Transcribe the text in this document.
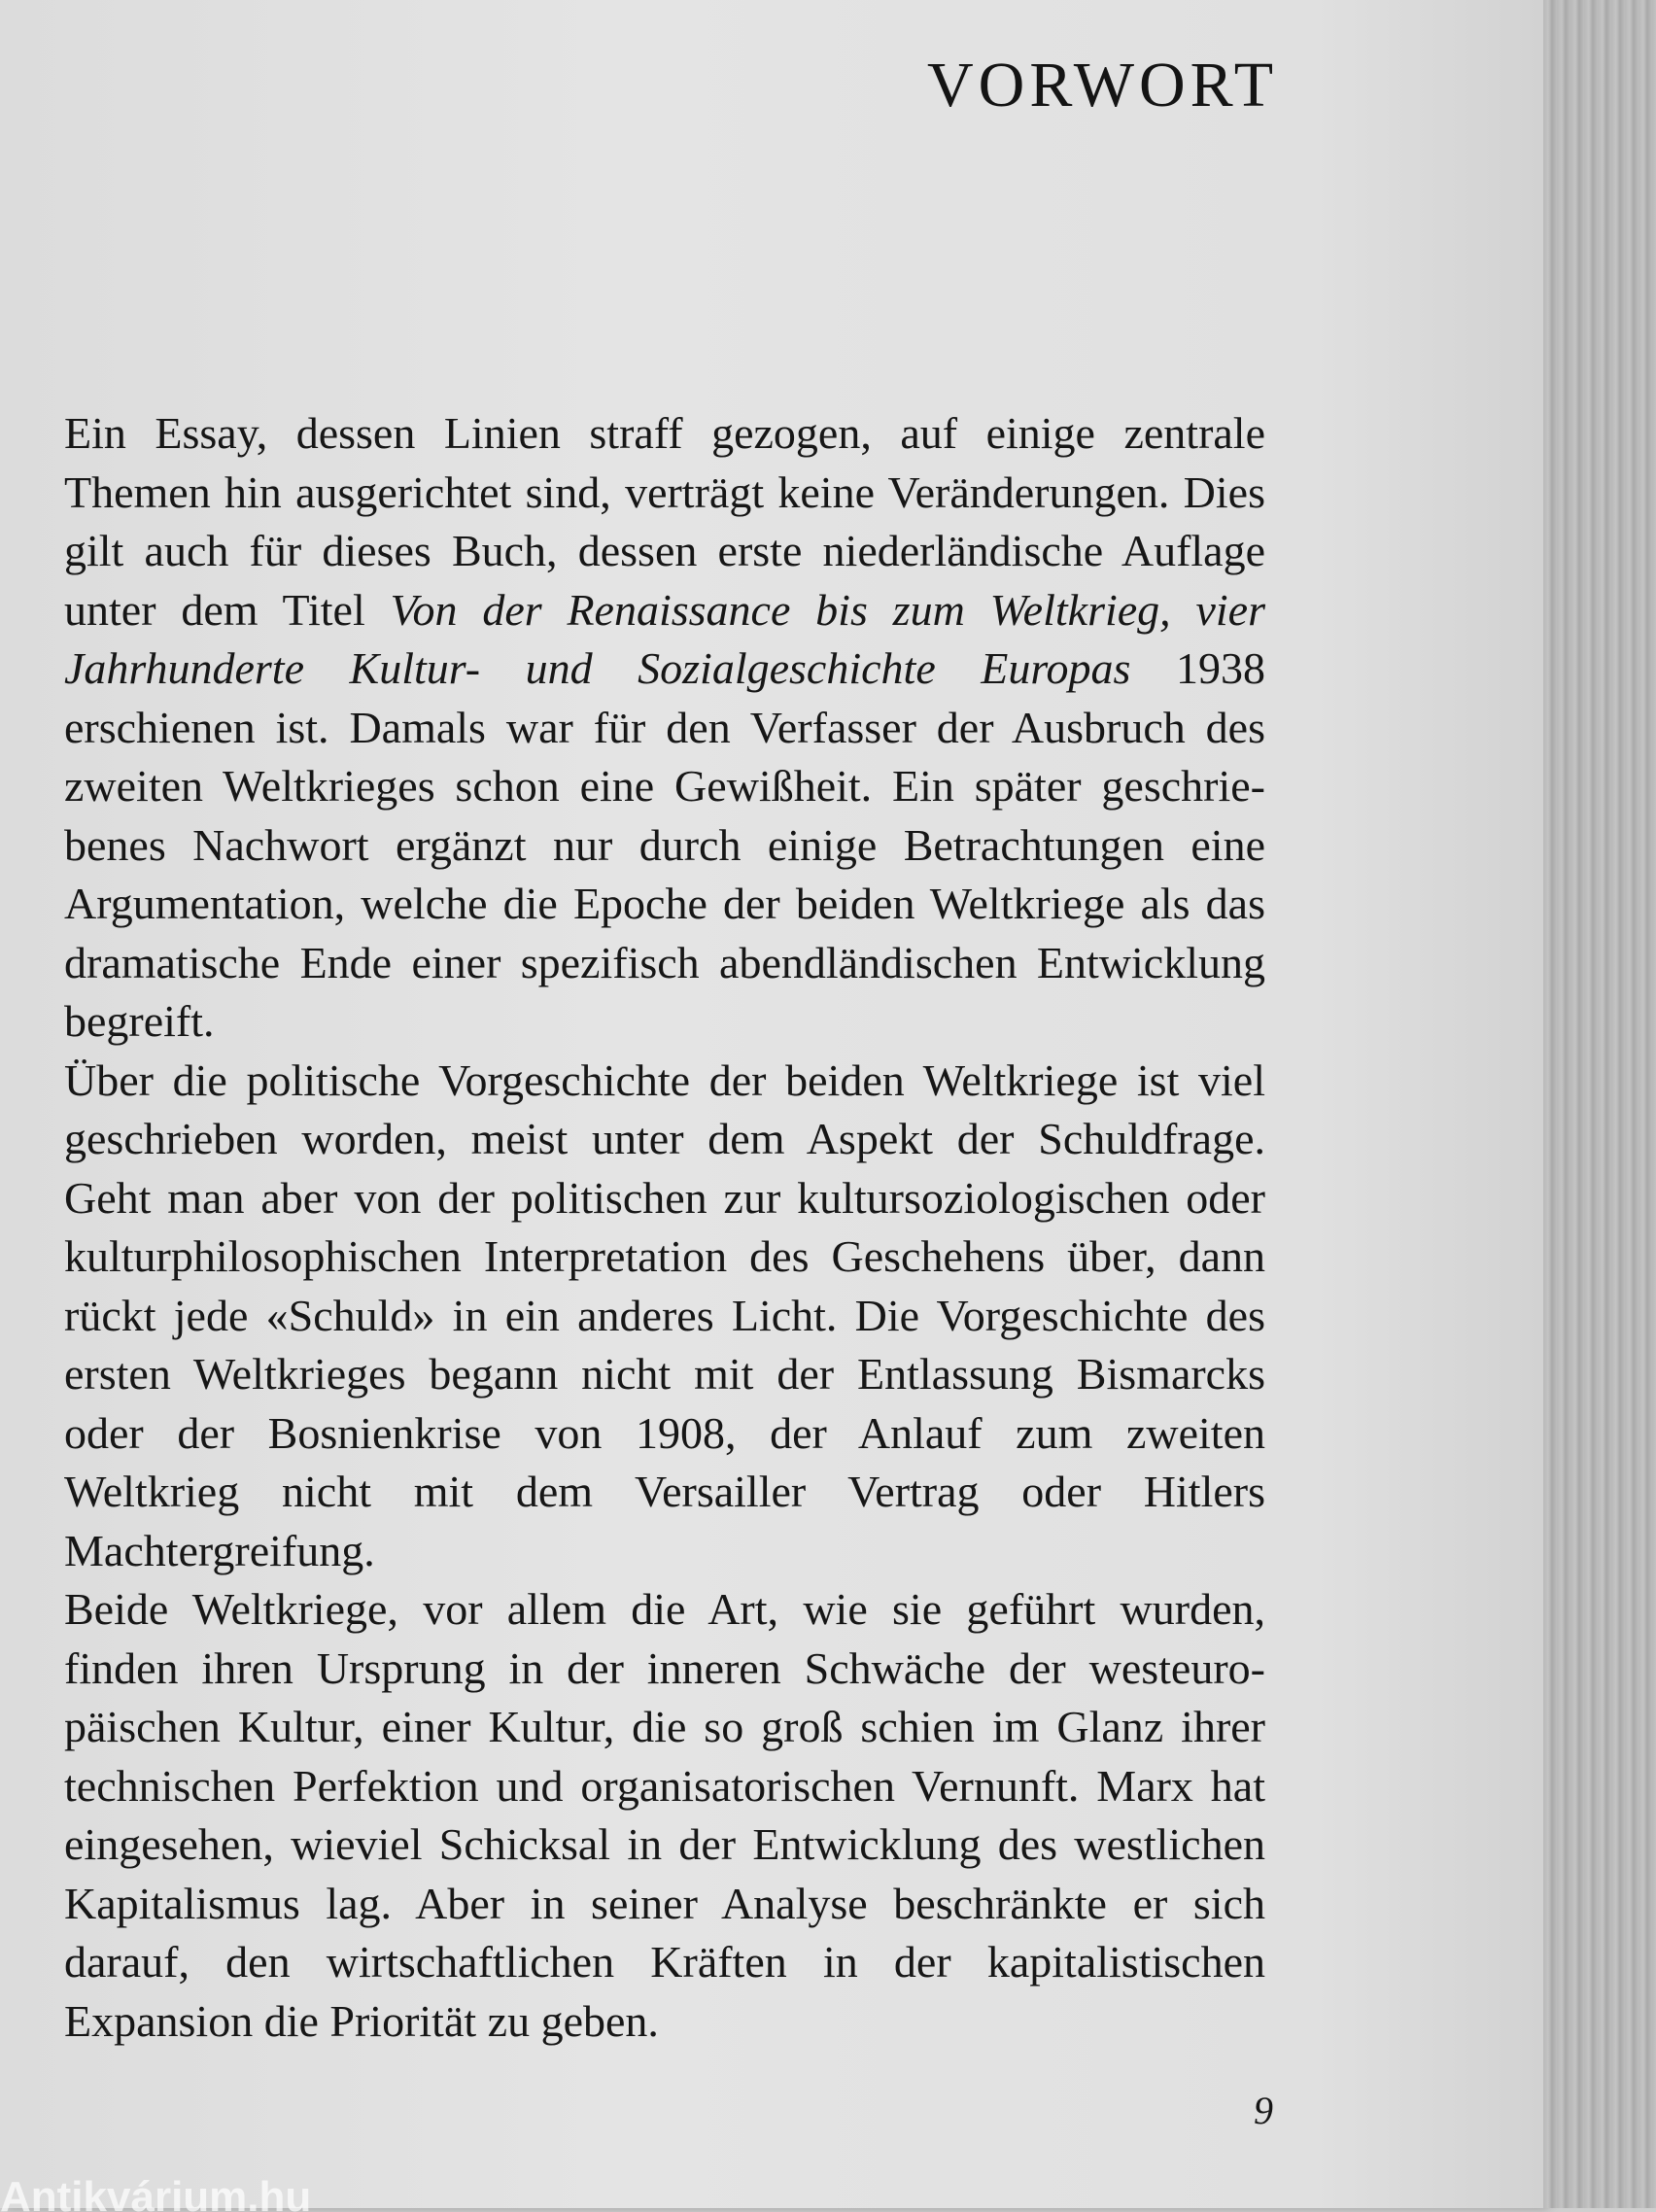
VORWORT

Ein Essay, dessen Linien straff gezogen, auf einige zentrale Themen hin ausgerichtet sind, verträgt keine Veränderungen. Dies gilt auch für dieses Buch, dessen erste niederländische Auflage unter dem Titel Von der Renaissance bis zum Weltkrieg, vier Jahrhunderte Kultur- und Sozialgeschichte Europas 1938 erschienen ist. Damals war für den Verfasser der Ausbruch des zweiten Weltkrieges schon eine Gewißheit. Ein später geschriebenes Nachwort ergänzt nur durch einige Betrachtungen eine Argumentation, welche die Epoche der beiden Weltkriege als das dramatische Ende einer spezifisch abendländischen Entwicklung begreift.

Über die politische Vorgeschichte der beiden Weltkriege ist viel geschrieben worden, meist unter dem Aspekt der Schuldfrage. Geht man aber von der politischen zur kultursoziologischen oder kulturphilosophischen Interpretation des Geschehens über, dann rückt jede «Schuld» in ein anderes Licht. Die Vorgeschichte des ersten Weltkrieges begann nicht mit der Entlassung Bismarcks oder der Bosnienkrise von 1908, der Anlauf zum zweiten Weltkrieg nicht mit dem Versailler Vertrag oder Hitlers Machtergreifung.

Beide Weltkriege, vor allem die Art, wie sie geführt wurden, finden ihren Ursprung in der inneren Schwäche der westeuropäischen Kultur, einer Kultur, die so groß schien im Glanz ihrer technischen Perfektion und organisatorischen Vernunft. Marx hat eingesehen, wieviel Schicksal in der Entwicklung des westlichen Kapitalismus lag. Aber in seiner Analyse beschränkte er sich darauf, den wirtschaftlichen Kräften in der kapitalistischen Expansion die Priorität zu geben.

9
Antikvárium.hu
